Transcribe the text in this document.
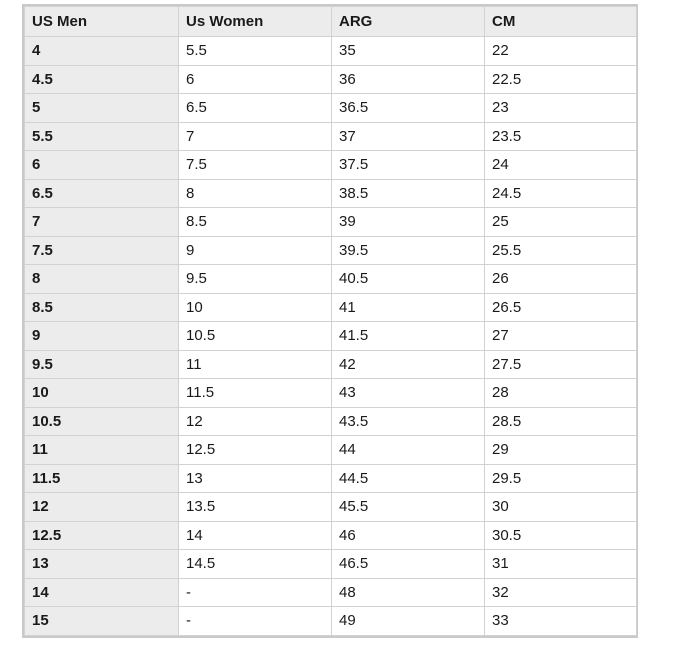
US Men	Us Women	ARG	CM
4	5.5	35	22
4.5	6	36	22.5
5	6.5	36.5	23
5.5	7	37	23.5
6	7.5	37.5	24
6.5	8	38.5	24.5
7	8.5	39	25
7.5	9	39.5	25.5
8	9.5	40.5	26
8.5	10	41	26.5
9	10.5	41.5	27
9.5	11	42	27.5
10	11.5	43	28
10.5	12	43.5	28.5
11	12.5	44	29
11.5	13	44.5	29.5
12	13.5	45.5	30
12.5	14	46	30.5
13	14.5	46.5	31
14	-	48	32
15	-	49	33
